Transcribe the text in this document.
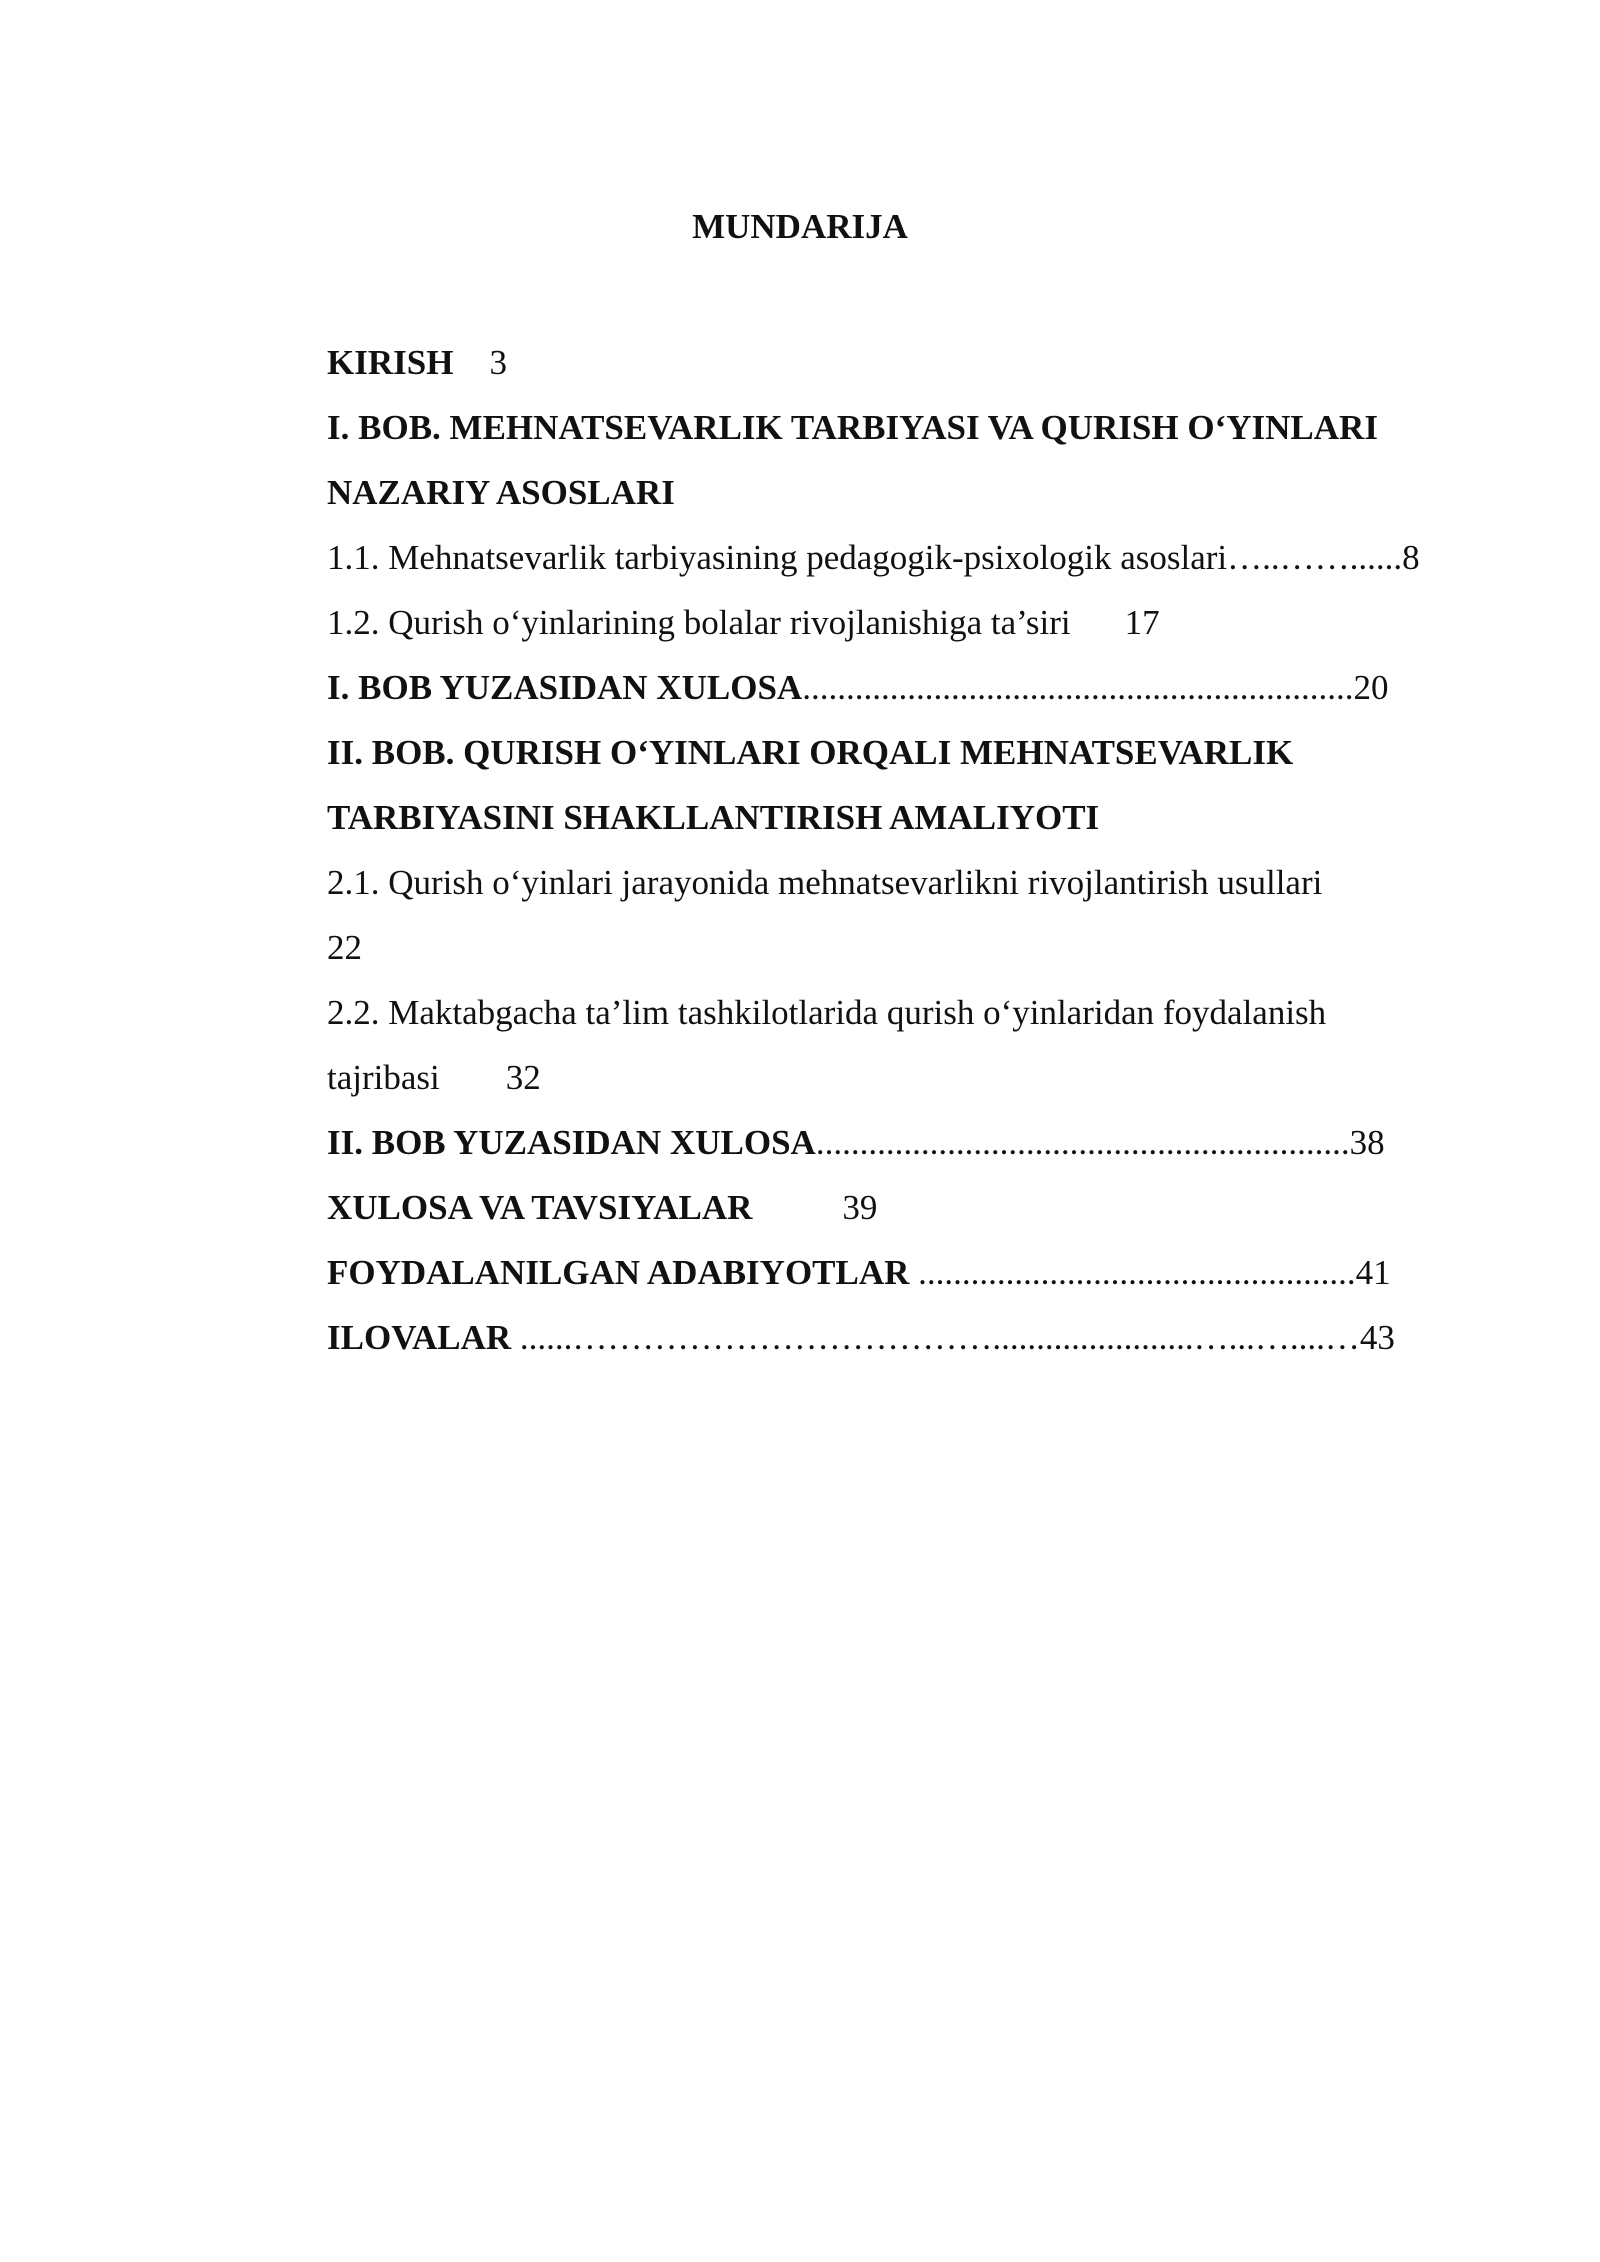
MUNDARIJA
KIRISH 3
I. BOB. MEHNATSEVARLIK TARBIYASI VA QURISH O‘YINLARI
NAZARIY ASOSLARI
1.1. Mehnatsevarlik tarbiyasining pedagogik-psixologik asoslari…..……......8
1.2. Qurish o‘yinlarining bolalar rivojlanishiga ta’siri 17
I. BOB YUZASIDAN XULOSA...............................................................20
II. BOB. QURISH O‘YINLARI ORQALI MEHNATSEVARLIK
TARBIYASINI SHAKLLANTIRISH AMALIYOTI
2.1. Qurish o‘yinlari jarayonida mehnatsevarlikni rivojlantirish usullari
22
2.2. Maktabgacha ta’lim tashkilotlarida qurish o‘yinlaridan foydalanish
tajribasi 32
II. BOB YUZASIDAN XULOSA.............................................................38
XULOSA VA TAVSIYALAR	39
FOYDALANILGAN ADABIYOTLAR ..................................................41
ILOVALAR ......……………………………….......................…...…....…43
